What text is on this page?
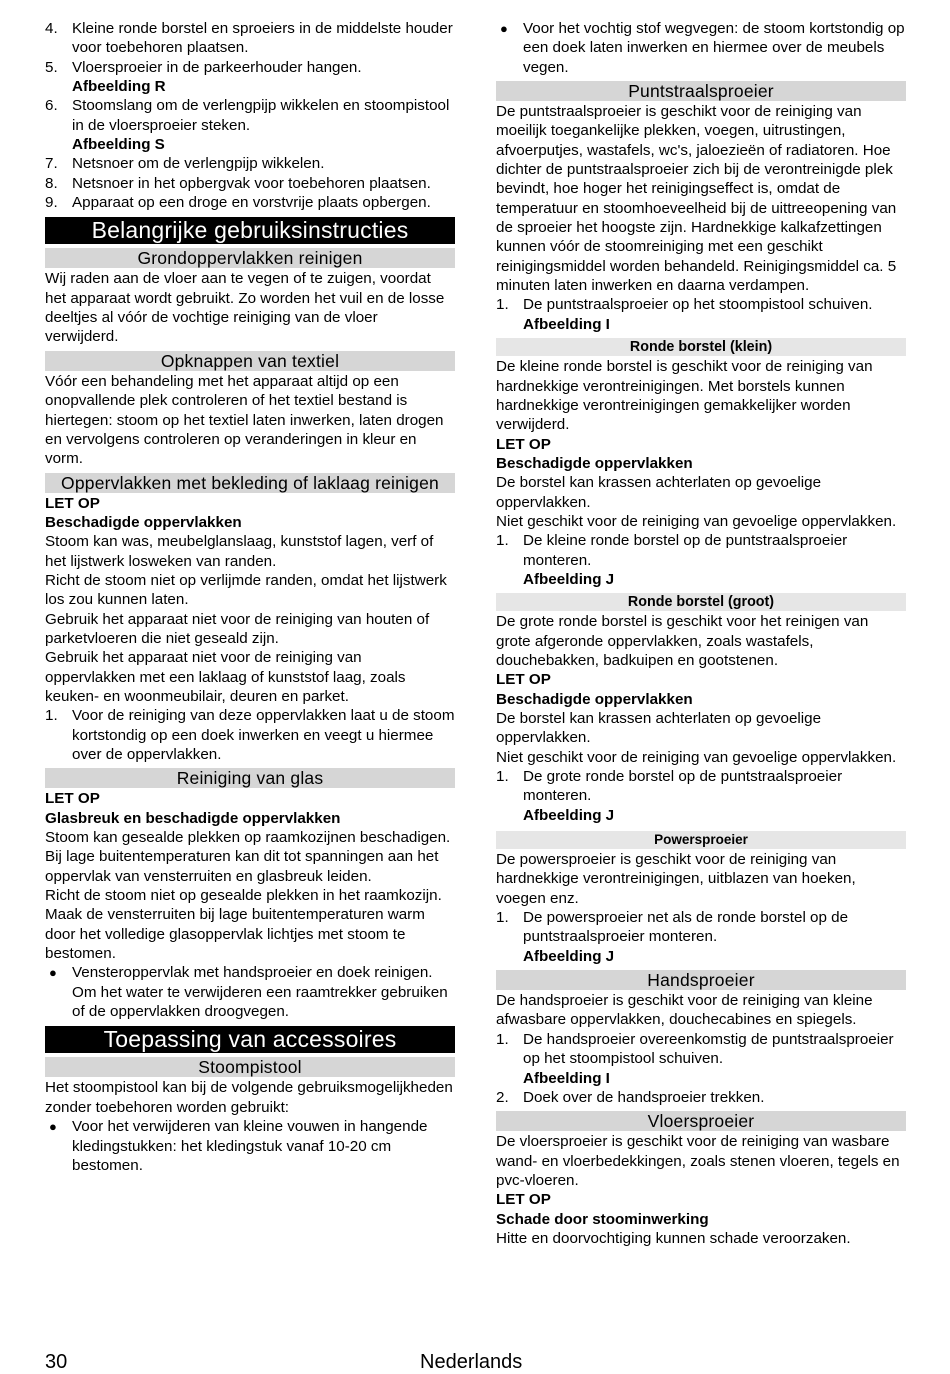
4. Kleine ronde borstel en sproeiers in de middelste houder voor toebehoren plaatsen.
5. Vloersproeier in de parkeerhouder hangen.
Afbeelding R
6. Stoomslang om de verlengpijp wikkelen en stoompistool in de vloersproeier steken.
Afbeelding S
7. Netsnoer om de verlengpijp wikkelen.
8. Netsnoer in het opbergvak voor toebehoren plaatsen.
9. Apparaat op een droge en vorstvrije plaats opbergen.
Belangrijke gebruiksinstructies
Grondoppervlakken reinigen

Wij raden aan de vloer aan te vegen of te zuigen, voordat het apparaat wordt gebruikt. Zo worden het vuil en de losse deeltjes al vóór de vochtige reiniging van de vloer verwijderd.

Opknappen van textiel

Vóór een behandeling met het apparaat altijd op een onopvallende plek controleren of het textiel bestand is hiertegen: stoom op het textiel laten inwerken, laten drogen en vervolgens controleren op veranderingen in kleur en vorm.

Oppervlakken met bekleding of laklaag reinigen
LET OP
Beschadigde oppervlakken

Stoom kan was, meubelglanslaag, kunststof lagen, verf of het lijstwerk losweken van randen.

Richt de stoom niet op verlijmde randen, omdat het lijstwerk los zou kunnen laten.

Gebruik het apparaat niet voor de reiniging van houten of parketvloeren die niet geseald zijn.

Gebruik het apparaat niet voor de reiniging van oppervlakken met een laklaag of kunststof laag, zoals keuken- en woonmeubilair, deuren en parket.

1. Voor de reiniging van deze oppervlakken laat u de stoom kortstondig op een doek inwerken en veegt u hiermee over de oppervlakken.
Reiniging van glas
LET OP
Glasbreuk en beschadigde oppervlakken

Stoom kan gesealde plekken op raamkozijnen beschadigen. Bij lage buitentemperaturen kan dit tot spanningen aan het oppervlak van vensterruiten en glasbreuk leiden.

Richt de stoom niet op gesealde plekken in het raamkozijn.

Maak de vensterruiten bij lage buitentemperaturen warm door het volledige glasoppervlak lichtjes met stoom te bestomen.

● Vensteroppervlak met handsproeier en doek reinigen. Om het water te verwijderen een raamtrekker gebruiken of de oppervlakken droogvegen.
Toepassing van accessoires
Stoompistool

Het stoompistool kan bij de volgende gebruiksmogelijkheden zonder toebehoren worden gebruikt:

● Voor het verwijderen van kleine vouwen in hangende kledingstukken: het kledingstuk vanaf 10-20 cm bestomen.
● Voor het vochtig stof wegvegen: de stoom kortstondig op een doek laten inwerken en hiermee over de meubels vegen.
Puntstraalsproeier

De puntstraalsproeier is geschikt voor de reiniging van moeilijk toegankelijke plekken, voegen, uitrustingen, afvoerputjes, wastafels, wc's, jaloezieën of radiatoren. Hoe dichter de puntstraalsproeier zich bij de verontreinigde plek bevindt, hoe hoger het reinigingseffect is, omdat de temperatuur en stoomhoeveelheid bij de uittreeopening van de sproeier het hoogste zijn. Hardnekkige kalkafzettingen kunnen vóór de stoomreiniging met een geschikt reinigingsmiddel worden behandeld. Reinigingsmiddel ca. 5 minuten laten inwerken en daarna verdampen.

1. De puntstraalsproeier op het stoompistool schuiven.
Afbeelding I
Ronde borstel (klein)

De kleine ronde borstel is geschikt voor de reiniging van hardnekkige verontreinigingen. Met borstels kunnen hardnekkige verontreinigingen gemakkelijker worden verwijderd.

LET OP
Beschadigde oppervlakken

De borstel kan krassen achterlaten op gevoelige oppervlakken.

Niet geschikt voor de reiniging van gevoelige oppervlakken.

1. De kleine ronde borstel op de puntstraalsproeier monteren.
Afbeelding J
Ronde borstel (groot)

De grote ronde borstel is geschikt voor het reinigen van grote afgeronde oppervlakken, zoals wastafels, douchebakken, badkuipen en gootstenen.

LET OP
Beschadigde oppervlakken

De borstel kan krassen achterlaten op gevoelige oppervlakken.

Niet geschikt voor de reiniging van gevoelige oppervlakken.

1. De grote ronde borstel op de puntstraalsproeier monteren.
Afbeelding J
Powersproeier

De powersproeier is geschikt voor de reiniging van hardnekkige verontreinigingen, uitblazen van hoeken, voegen enz.

1. De powersproeier net als de ronde borstel op de puntstraalsproeier monteren.
Afbeelding J
Handsproeier

De handsproeier is geschikt voor de reiniging van kleine afwasbare oppervlakken, douchecabines en spiegels.

1. De handsproeier overeenkomstig de puntstraalsproeier op het stoompistool schuiven.
Afbeelding I
2. Doek over de handsproeier trekken.
Vloersproeier

De vloersproeier is geschikt voor de reiniging van wasbare wand- en vloerbedekkingen, zoals stenen vloeren, tegels en pvc-vloeren.

LET OP
Schade door stoominwerking

Hitte en doorvochtiging kunnen schade veroorzaken.

30	Nederlands
